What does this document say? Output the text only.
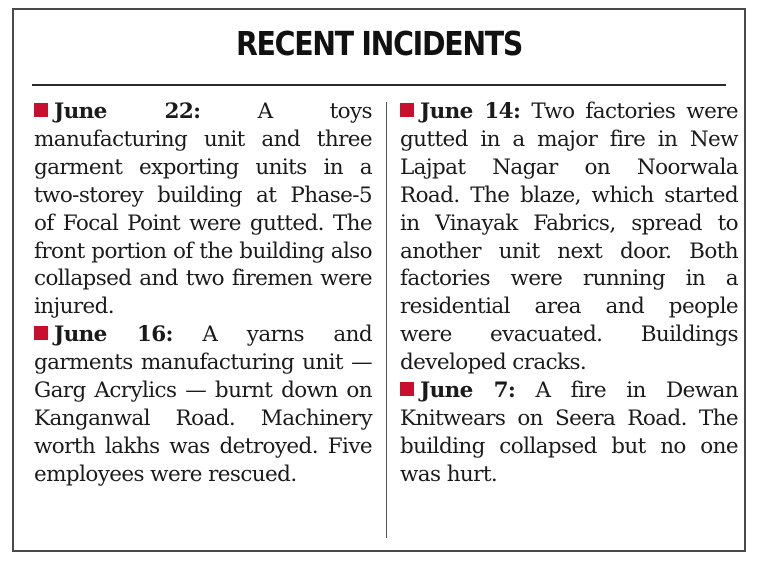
RECENT INCIDENTS

June 22:	A toys manufacturing unit and three garment exporting units in a two-storey building at Phase-5 of Focal Point were gutted. The front portion of the building also collapsed and two firemen were injured.

June 16: A yarns and garments manufacturing unit — Garg Acrylics — burnt down on Kanganwal Road. Machinery worth lakhs was detroyed. Five employees were rescued.

June 14: Two factories were gutted in a major fire in New Lajpat Nagar on Noorwala Road. The blaze, which started in Vinayak Fabrics, spread to another unit next door. Both factories were running in a residential area and people were evacuated. Buildings developed cracks.

June 7: A fire in Dewan Knitwears on Seera Road. The building collapsed but no one was hurt.
